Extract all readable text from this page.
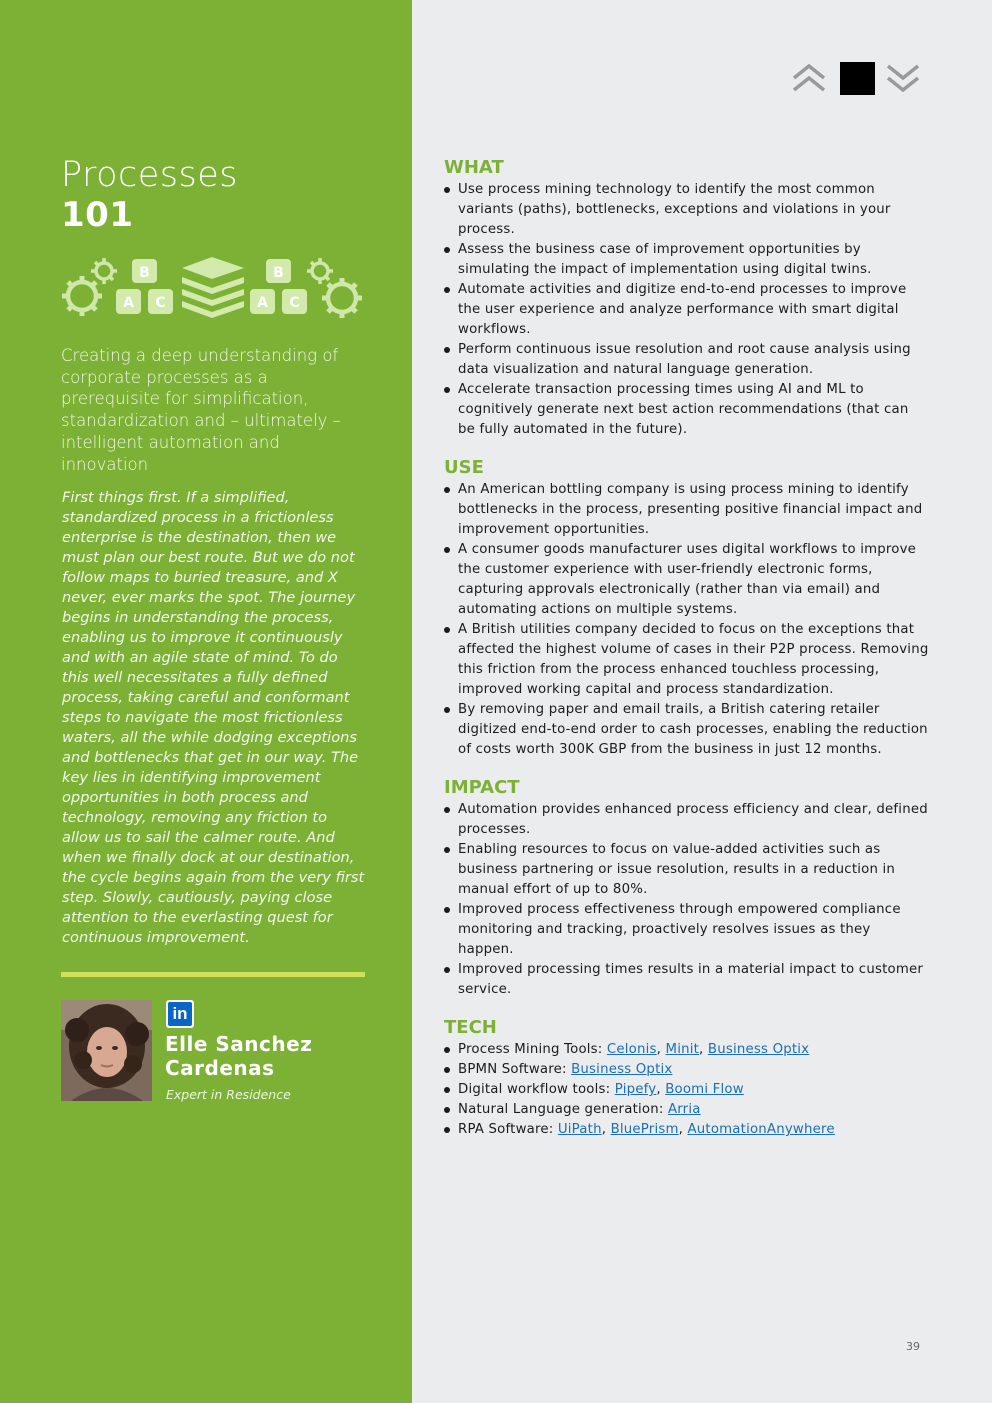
Processes
101
B
A C
B
A C

Creating a deep understanding of corporate processes as a prerequisite for simplification, standardization and – ultimately – intelligent automation and innovation

First things first. If a simplified, standardized process in a frictionless enterprise is the destination, then we must plan our best route. But we do not follow maps to buried treasure, and X never, ever marks the spot. The journey begins in understanding the process, enabling us to improve it continuously and with an agile state of mind. To do this well necessitates a fully defined process, taking careful and conformant steps to navigate the most frictionless waters, all the while dodging exceptions and bottlenecks that get in our way. The key lies in identifying improvement opportunities in both process and technology, removing any friction to allow us to sail the calmer route. And when we finally dock at our destination, the cycle begins again from the very first step. Slowly, cautiously, paying close attention to the everlasting quest for continuous improvement.

in
Elle Sanchez Cardenas
Expert in Residence
WHAT
Use process mining technology to identify the most common variants (paths), bottlenecks, exceptions and violations in your process.
Assess the business case of improvement opportunities by simulating the impact of implementation using digital twins.
Automate activities and digitize end-to-end processes to improve the user experience and analyze performance with smart digital workflows.
Perform continuous issue resolution and root cause analysis using data visualization and natural language generation.
Accelerate transaction processing times using AI and ML to cognitively generate next best action recommendations (that can be fully automated in the future).
USE
An American bottling company is using process mining to identify bottlenecks in the process, presenting positive financial impact and improvement opportunities.
A consumer goods manufacturer uses digital workflows to improve the customer experience with user-friendly electronic forms, capturing approvals electronically (rather than via email) and automating actions on multiple systems.
A British utilities company decided to focus on the exceptions that affected the highest volume of cases in their P2P process. Removing this friction from the process enhanced touchless processing, improved working capital and process standardization.
By removing paper and email trails, a British catering retailer digitized end-to-end order to cash processes, enabling the reduction of costs worth 300K GBP from the business in just 12 months.
IMPACT
Automation provides enhanced process efficiency and clear, defined processes.
Enabling resources to focus on value-added activities such as business partnering or issue resolution, results in a reduction in manual effort of up to 80%.
Improved process effectiveness through empowered compliance monitoring and tracking, proactively resolves issues as they happen.
Improved processing times results in a material impact to customer service.
TECH
Process Mining Tools: Celonis, Minit, Business Optix
BPMN Software: Business Optix
Digital workflow tools: Pipefy, Boomi Flow
Natural Language generation: Arria
RPA Software: UiPath, BluePrism, AutomationAnywhere
39
